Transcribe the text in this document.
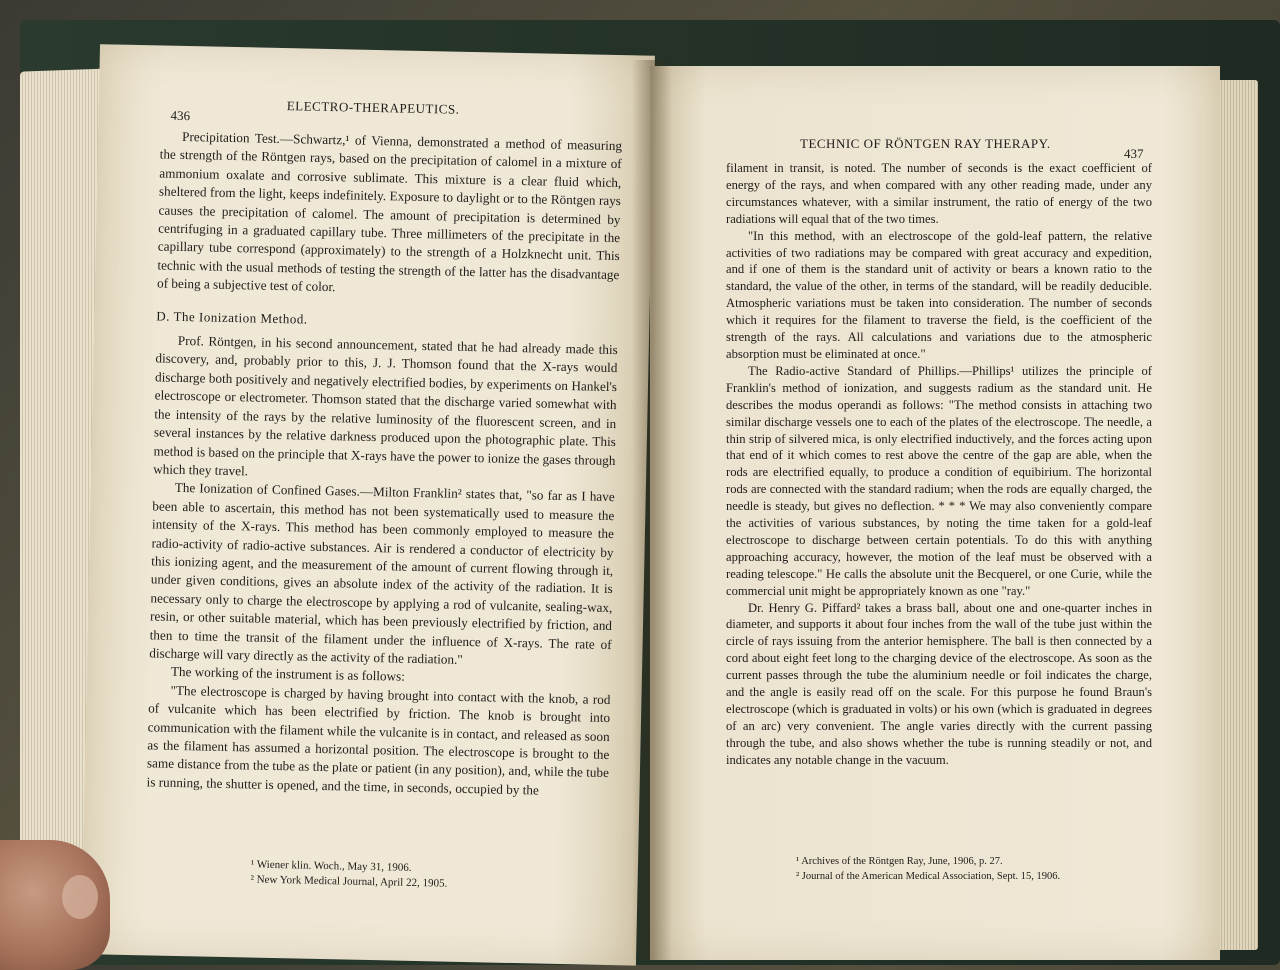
436	ELECTRO-THERAPEUTICS.

Precipitation Test.—Schwartz,¹ of Vienna, demonstrated a method of measuring the strength of the Röntgen rays, based on the precipitation of calomel in a mixture of ammonium oxalate and corrosive sublimate. This mixture is a clear fluid which, sheltered from the light, keeps indefinitely. Exposure to daylight or to the Röntgen rays causes the precipitation of calomel. The amount of precipitation is determined by centrifuging in a graduated capillary tube. Three millimeters of the precipitate in the capillary tube correspond (approximately) to the strength of a Holzknecht unit. This technic with the usual methods of testing the strength of the latter has the disadvantage of being a subjective test of color.

D. The Ionization Method.

Prof. Röntgen, in his second announcement, stated that he had already made this discovery, and, probably prior to this, J. J. Thomson found that the X-rays would discharge both positively and negatively electrified bodies, by experiments on Hankel's electroscope or electrometer. Thomson stated that the discharge varied somewhat with the intensity of the rays by the relative luminosity of the fluorescent screen, and in several instances by the relative darkness produced upon the photographic plate. This method is based on the principle that X-rays have the power to ionize the gases through which they travel.

The Ionization of Confined Gases.—Milton Franklin² states that, "so far as I have been able to ascertain, this method has not been systematically used to measure the intensity of the X-rays. This method has been commonly employed to measure the radio-activity of radio-active substances. Air is rendered a conductor of electricity by this ionizing agent, and the measurement of the amount of current flowing through it, under given conditions, gives an absolute index of the activity of the radiation. It is necessary only to charge the electroscope by applying a rod of vulcanite, sealing-wax, resin, or other suitable material, which has been previously electrified by friction, and then to time the transit of the filament under the influence of X-rays. The rate of discharge will vary directly as the activity of the radiation."

The working of the instrument is as follows:

"The electroscope is charged by having brought into contact with the knob, a rod of vulcanite which has been electrified by friction. The knob is brought into communication with the filament while the vulcanite is in contact, and released as soon as the filament has assumed a horizontal position. The electroscope is brought to the same distance from the tube as the plate or patient (in any position), and, while the tube is running, the shutter is opened, and the time, in seconds, occupied by the

¹ Wiener klin. Woch., May 31, 1906.
² New York Medical Journal, April 22, 1905.
TECHNIC OF RÖNTGEN RAY THERAPY.
437

filament in transit, is noted. The number of seconds is the exact coefficient of energy of the rays, and when compared with any other reading made, under any circumstances whatever, with a similar instrument, the ratio of energy of the two radiations will equal that of the two times.

"In this method, with an electroscope of the gold-leaf pattern, the relative activities of two radiations may be compared with great accuracy and expedition, and if one of them is the standard unit of activity or bears a known ratio to the standard, the value of the other, in terms of the standard, will be readily deducible. Atmospheric variations must be taken into consideration. The number of seconds which it requires for the filament to traverse the field, is the coefficient of the strength of the rays. All calculations and variations due to the atmospheric absorption must be eliminated at once."

The Radio-active Standard of Phillips.—Phillips¹ utilizes the principle of Franklin's method of ionization, and suggests radium as the standard unit. He describes the modus operandi as follows: "The method consists in attaching two similar discharge vessels one to each of the plates of the electroscope. The needle, a thin strip of silvered mica, is only electrified inductively, and the forces acting upon that end of it which comes to rest above the centre of the gap are able, when the rods are electrified equally, to produce a condition of equibirium. The horizontal rods are connected with the standard radium; when the rods are equally charged, the needle is steady, but gives no deflection. * * * We may also conveniently compare the activities of various substances, by noting the time taken for a gold-leaf electroscope to discharge between certain potentials. To do this with anything approaching accuracy, however, the motion of the leaf must be observed with a reading telescope." He calls the absolute unit the Becquerel, or one Curie, while the commercial unit might be appropriately known as one "ray."

Dr. Henry G. Piffard² takes a brass ball, about one and one-quarter inches in diameter, and supports it about four inches from the wall of the tube just within the circle of rays issuing from the anterior hemisphere. The ball is then connected by a cord about eight feet long to the charging device of the electroscope. As soon as the current passes through the tube the aluminium needle or foil indicates the charge, and the angle is easily read off on the scale. For this purpose he found Braun's electroscope (which is graduated in volts) or his own (which is graduated in degrees of an arc) very convenient. The angle varies directly with the current passing through the tube, and also shows whether the tube is running steadily or not, and indicates any notable change in the vacuum.

¹ Archives of the Röntgen Ray, June, 1906, p. 27.
² Journal of the American Medical Association, Sept. 15, 1906.
